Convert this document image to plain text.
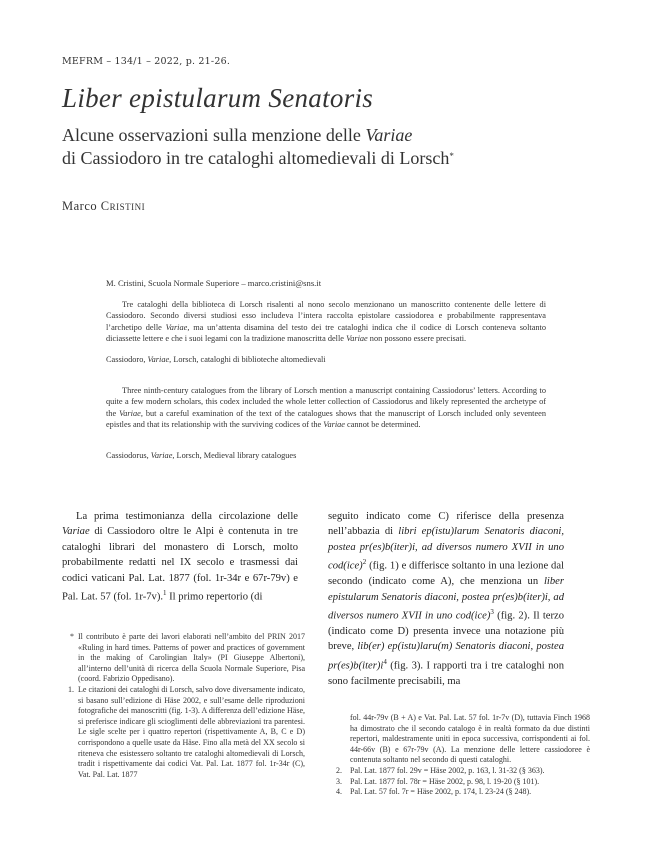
MEFRM – 134/1 – 2022, p. 21-26.
Liber epistularum Senatoris
Alcune osservazioni sulla menzione delle Variae
di Cassiodoro in tre cataloghi altomedievali di Lorsch*
Marco Cristini
M. Cristini, Scuola Normale Superiore – marco.cristini@sns.it

Tre cataloghi della biblioteca di Lorsch risalenti al nono secolo menzionano un manoscritto contenente delle lettere di Cassiodoro. Secondo diversi studiosi esso includeva l’intera raccolta epistolare cassiodorea e probabilmente rappresentava l’archetipo delle Variae, ma un’attenta disamina del testo dei tre cataloghi indica che il codice di Lorsch conteneva soltanto diciassette lettere e che i suoi legami con la tradizione manoscritta delle Variae non possono essere precisati.

Cassiodoro, Variae, Lorsch, cataloghi di biblioteche altomedievali

Three ninth-century catalogues from the library of Lorsch mention a manuscript containing Cassiodorus’ letters. According to quite a few modern scholars, this codex included the whole letter collection of Cassiodorus and likely represented the archetype of the Variae, but a careful examination of the text of the catalogues shows that the manuscript of Lorsch included only seventeen epistles and that its relationship with the surviving codices of the Variae cannot be determined.

Cassiodorus, Variae, Lorsch, Medieval library catalogues

La prima testimonianza della circolazione delle Variae di Cassiodoro oltre le Alpi è contenuta in tre cataloghi librari del monastero di Lorsch, molto probabilmente redatti nel IX secolo e trasmessi dai codici vaticani Pal. Lat. 1877 (fol. 1r-34r e 67r-79v) e Pal. Lat. 57 (fol. 1r-7v).$^1$ Il primo repertorio (di

seguito indicato come C) riferisce della presenza nell’abbazia di libri ep(istu)larum Senatoris diaconi, postea pr(es)b(iter)i, ad diversos numero XVII in uno cod(ice)$^2$ (fig. 1) e differisce soltanto in una lezione dal secondo (indicato come A), che menziona un liber epistularum Senatoris diaconi, postea pr(es)b(iter)i, ad diversos numero XVII in uno cod(ice)$^3$ (fig. 2). Il terzo (indicato come D) presenta invece una notazione più breve, lib(er) ep(istu)laru(m) Senatoris diaconi, postea $pr(es)b(iter)i^4$ (fig. 3). I rapporti tra i tre cataloghi non sono facilmente precisabili, ma

* Il contributo è parte dei lavori elaborati nell’ambito del PRIN 2017 «Ruling in hard times. Patterns of power and practices of government in the making of Carolingian Italy» (PI Giuseppe Albertoni), all’interno dell’unità di ricerca della Scuola Normale Superiore, Pisa (coord. Fabrizio Oppedisano).
1. Le citazioni dei cataloghi di Lorsch, salvo dove diversamente indicato, si basano sull’edizione di Häse 2002, e sull’esame delle riproduzioni fotografiche dei manoscritti (fig. 1-3). A differenza dell’edizione Häse, si preferisce indicare gli scioglimenti delle abbreviazioni tra parentesi. Le sigle scelte per i quattro repertori (rispettivamente A, B, C e D) corrispondono a quelle usate da Häse. Fino alla metà del XX secolo si riteneva che esistessero soltanto tre cataloghi altomedievali di Lorsch, tradit i rispettivamente dai codici Vat. Pal. Lat. 1877 fol. 1r-34r (C), Vat. Pal. Lat. 1877
fol. 44r-79v (B + A) e Vat. Pal. Lat. 57 fol. 1r-7v (D), tuttavia Finch 1968 ha dimostrato che il secondo catalogo è in realtà formato da due distinti repertori, maldestramente uniti in epoca successiva, corrispondenti ai fol. 44r-66v (B) e 67r-79v (A). La menzione delle lettere cassiodoree è contenuta soltanto nel secondo di questi cataloghi.
2. Pal. Lat. 1877 fol. 29v = Häse 2002, p. 163, l. 31-32 (§ 363).
3. Pal. Lat. 1877 fol. 78r = Häse 2002, p. 98, l. 19-20 (§ 101).
4. Pal. Lat. 57 fol. 7r = Häse 2002, p. 174, l. 23-24 (§ 248).
